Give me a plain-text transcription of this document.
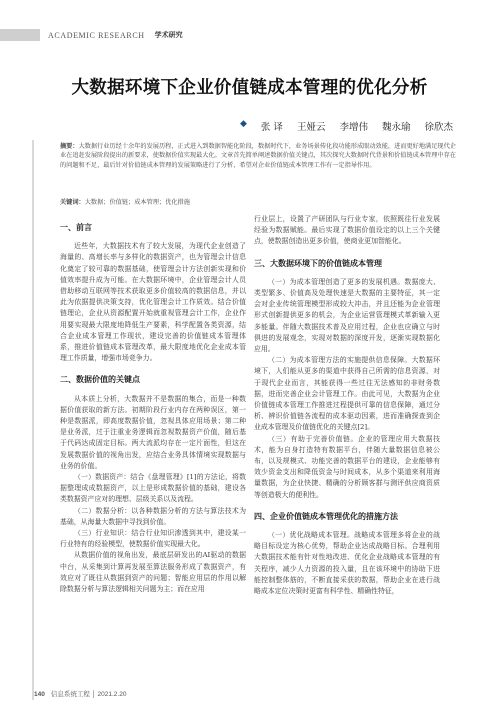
ACADEMIC RESEARCH 学术研究
大数据环境下企业价值链成本管理的优化分析
◆ 张 译 王娅云 李增伟 魏永瑜 徐欣杰
摘要：大数据行业历经十余年的发展历程，正式进入到数据智能化阶段，数据时代下，业务场景传化段功能形成眼动效能，进而更好地满足现代企业在追赶发展阶段提出的新要求，使数据价值实现最大化。文章首先简单阐述数据价值关键点，其次探究大数据时代背景和价值链成本管理中存在的问题和不足，最后针对价值链成本管理的发展策略进行了分析，希望对企业价值链成本管理工作有一定指导作用。
关键词：大数据；价值链；成本管理；优化措施
一、前言

近些年，大数据技术有了较大发展，为现代企业创造了海量的、高增长率与多样化的数据资产，也为管理会计信息化奠定了较可靠的数据基础，使管理会计方法创新实现和价值效率提升成为可能。在大数据环境中，企业管理会计人员借助移动互联网等技术获取更多价值较高的数据信息，并以此为依据提供决策支持，优化管理会计工作质效。结合价值链理论，企业从资源配置开始就重视管理会计工作，企业作用要实现最大限度地降低生产要素，科学配置各类资源，结合企业成本管理工作现状，建设完善的价值链成本管理体系，推进价值链成本管理改革，最大限度地优化企业成本管理工作质量，增强市场竞争力。

二、数据价值的关键点

从本质上分析，大数据并不是数据的集合，而是一种数据价值获取的新方法。初期阶段行业内存在两种误区，第一种是数据派，即高度数据价值，忽视具体应用场景；第二种是业务派，过于注重业务逻辑而忽视数据资产价值，随后基于代码达成固定目标。两大流派均存在一定片面性，但这在发展数据价值的视角出发，应结合业务具体情境实现数据与业务的价值。

（一）数据资产：结合《盘理管理》[1]的方法论，将数据整理成成数据资产，以上是形成数据价值的基础，建设各类数据资产应对的理想、层级关系以及流程。

（二）数据分析：以各种数据分析的方法与算法技术为基础，从海量大数据中寻找到价值。

（三）行业知识：结合行业知识渗透到其中，建设某一行业特有的经验模型，使数据价值实现最大化。

从数据价值的视角出发，最底层研发出的AI驱动的数据中台，从采集到计算再发展至算法服务形成了数据资产，有效应对了既往从数据到资产的问题；智能应用层的作用以解除数据分析与算法逻辑相关问题为主；而在应用

行业层上，设置了产研团队与行业专家，依照既往行业发展经验为数据赋能。最后实现了数据价值设定的以上三个关键点，使数据创造出更多价值，使商业更加智能化。

三、大数据环境下的价值链成本管理

（一）为成本管理创造了更多的发展机遇。数据庞大、类型繁多、价值高及处理快速是大数据的主要特征，其一定会对企业传统管理模型形成较大冲击，并且还能为企业管理形式创新提供更多的机会，为企业运营管理模式革新输入更多能量。伴随大数据技术普及应用过程，企业也应确立与时俱进的发展观念，实现对数据的深度开发，逐渐实现数据化应用。

（二）为成本管理方法的实施提供信息保障。大数据环境下，人们能从更多的渠道中获得自己所需的信息资源，对于现代企业而言，其能获得一些过往无法感知的非财务数据，进而完善企业会计管理工作。由此可见，大数据为企业价值链成本管理工作推进过程提供可靠的信息保障，通过分析、辨识价值链各流程的成本驱动因素，进而准确探查到企业成本管理及价值链优化的关键点[2]。

（三）有助于完善价值链。企业的管理应用大数据技术，能为自身打造特有数据平台，伴随大量数据信息被公布，以及规模式、功能完善的数据平台的建设，企业能够有效少资金支出和降低资金与时间成本，从多个渠道来利用海量数据，为企业快捷、精确的分析顾客群与测评供应商资质等创造极大的便利性。

四、企业价值链成本管理优化的措施方法

（一）优化战略成本管理。战略成本管理多将企业的战略目标设定为核心优势，帮助企业达成战略目标。合理利用大数据技术能有针对性地改进、优化企业战略成本管理的有关程序，减少人力资源的投入量，且在该环境中的协助下进能控制整体筋的，不断直接采获的数据，帮助企业在进行战略成本定位决策时更富有科学性、精确性特征，

140 信息系统工程 │ 2021.2.20
